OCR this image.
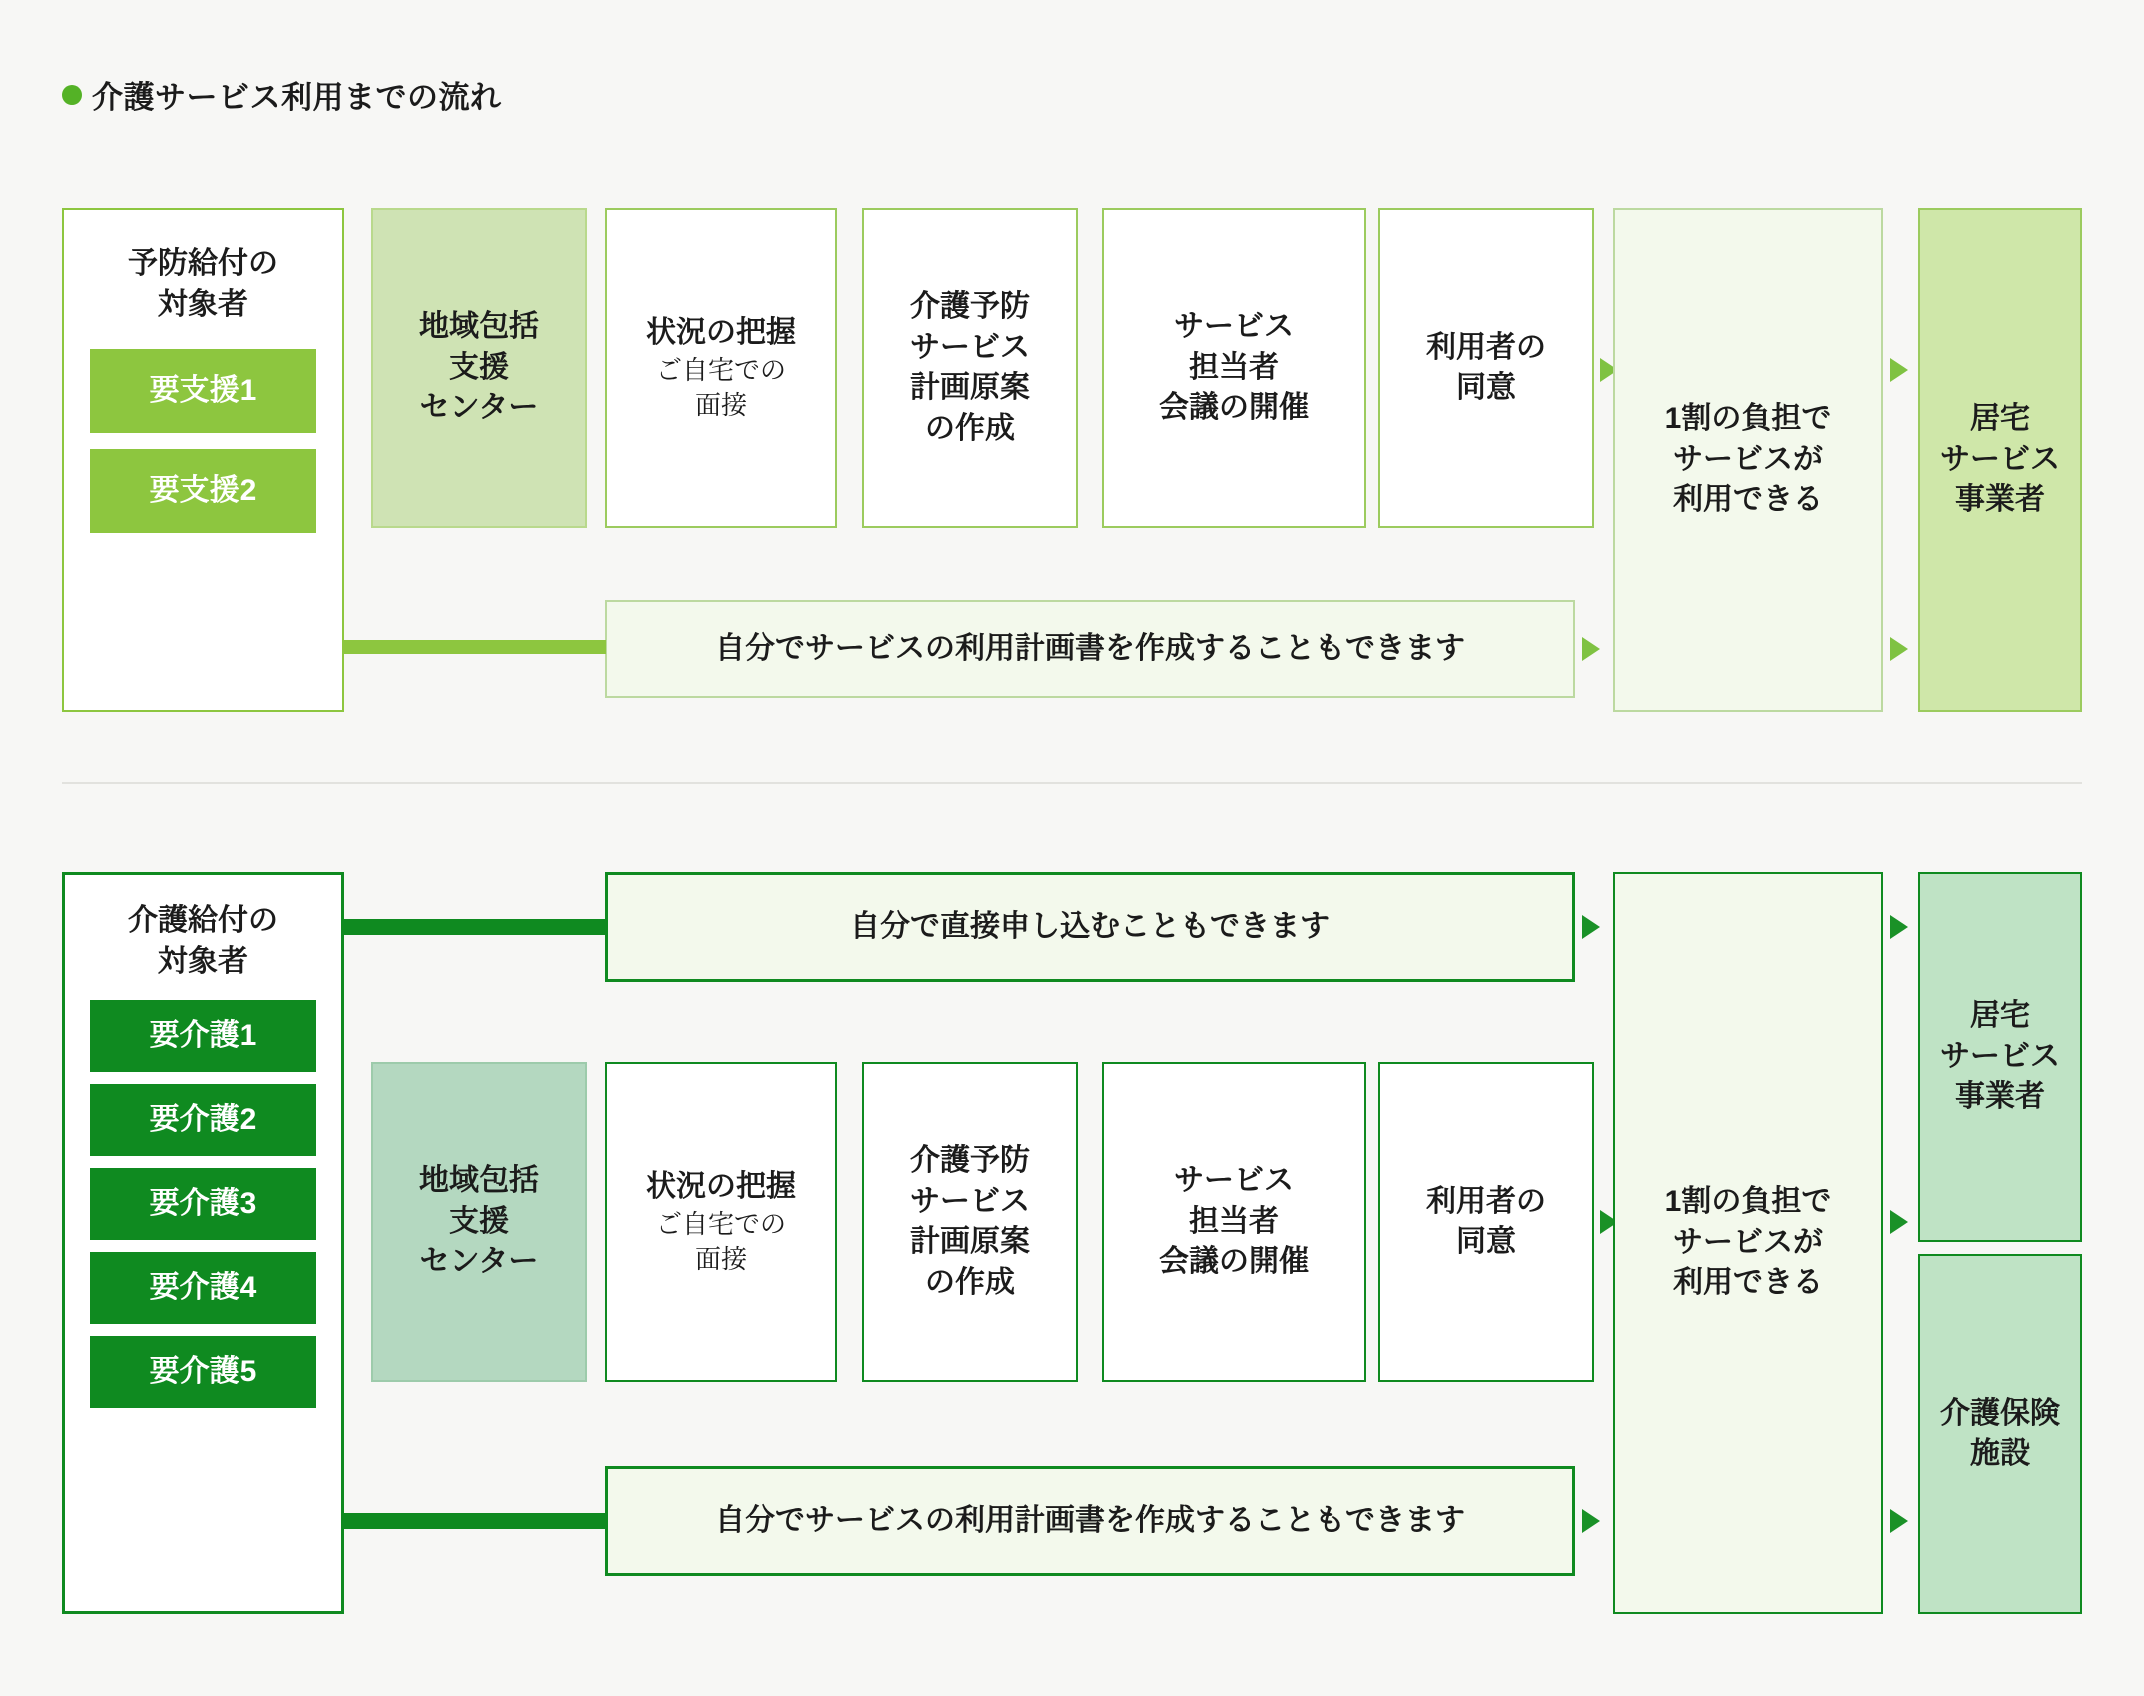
介護サービス利用までの流れ
予防給付の
対象者
要支援1
要支援2
地域包括
支援
センター
状況の把握
ご自宅での
面接
介護予防
サービス
計画原案
の作成
サービス
担当者
会議の開催
利用者の
同意
自分でサービスの利用計画書を作成することもできます
1割の負担で
サービスが
利用できる
居宅
サービス
事業者
介護給付の
対象者
要介護1
要介護2
要介護3
要介護4
要介護5
自分で直接申し込むこともできます
地域包括
支援
センター
状況の把握
ご自宅での
面接
介護予防
サービス
計画原案
の作成
サービス
担当者
会議の開催
利用者の
同意
自分でサービスの利用計画書を作成することもできます
1割の負担で
サービスが
利用できる
居宅
サービス
事業者
介護保険
施設
